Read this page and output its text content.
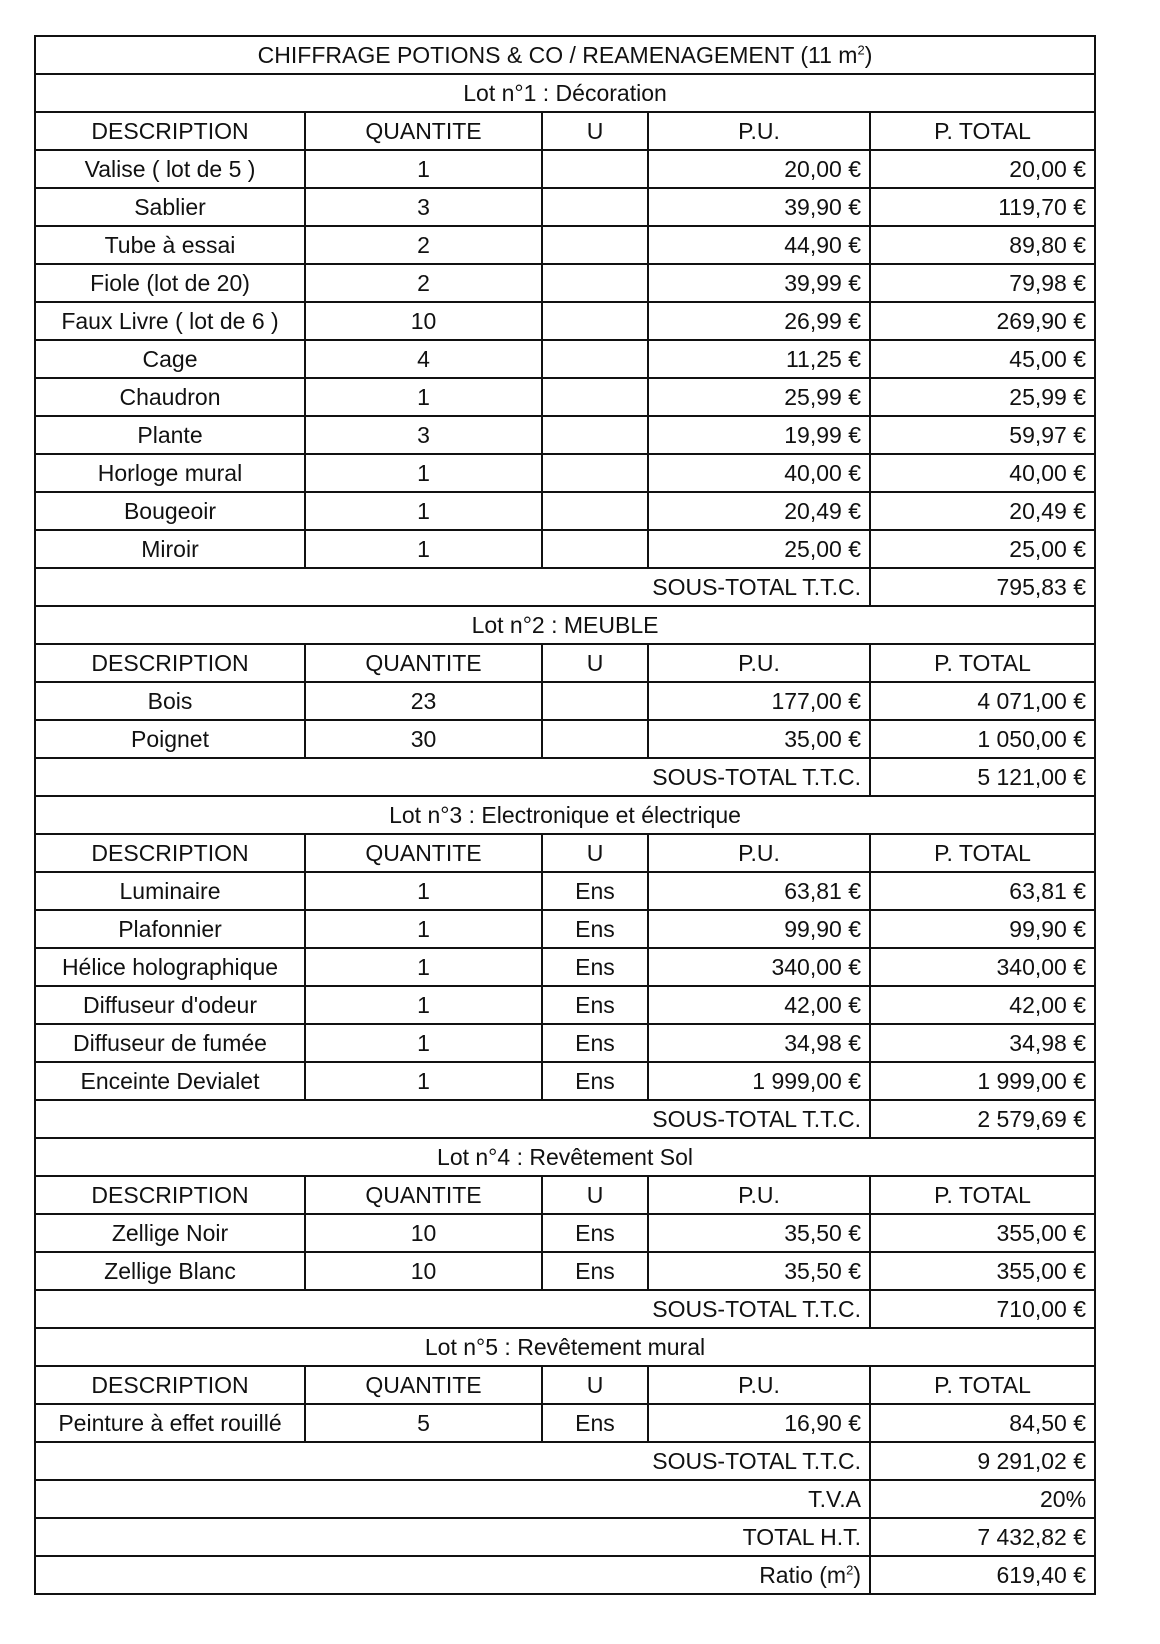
CHIFFRAGE POTIONS & CO / REAMENAGEMENT (11 $m^2$)				
Lot n°1 : Décoration				
DESCRIPTION	QUANTITE	U	P.U.	P. TOTAL
Valise ( lot de 5 )	1		20,00 €	20,00 €
Sablier	3		39,90 €	119,70 €
Tube à essai	2		44,90 €	89,80 €
Fiole (lot de 20)	2		39,99 €	79,98 €
Faux Livre ( lot de 6 )	10		26,99 €	269,90 €
Cage	4		11,25 €	45,00 €
Chaudron	1		25,99 €	25,99 €
Plante	3		19,99 €	59,97 €
Horloge mural	1		40,00 €	40,00 €
Bougeoir	1		20,49 €	20,49 €
Miroir	1		25,00 €	25,00 €
SOUS-TOTAL T.T.C.				795,83 €
Lot n°2 : MEUBLE				
DESCRIPTION	QUANTITE	U	P.U.	P. TOTAL
Bois	23		177,00 €	4 071,00 €
Poignet	30		35,00 €	1 050,00 €
SOUS-TOTAL T.T.C.				5 121,00 €
Lot n°3 : Electronique et électrique				
DESCRIPTION	QUANTITE	U	P.U.	P. TOTAL
Luminaire	1	Ens	63,81 €	63,81 €
Plafonnier	1	Ens	99,90 €	99,90 €
Hélice holographique	1	Ens	340,00 €	340,00 €
Diffuseur d'odeur	1	Ens	42,00 €	42,00 €
Diffuseur de fumée	1	Ens	34,98 €	34,98 €
Enceinte Devialet	1	Ens	1 999,00 €	1 999,00 €
SOUS-TOTAL T.T.C.				2 579,69 €
Lot n°4 : Revêtement Sol				
DESCRIPTION	QUANTITE	U	P.U.	P. TOTAL
Zellige Noir	10	Ens	35,50 €	355,00 €
Zellige Blanc	10	Ens	35,50 €	355,00 €
SOUS-TOTAL T.T.C.				710,00 €
Lot n°5 : Revêtement mural				
DESCRIPTION	QUANTITE	U	P.U.	P. TOTAL
Peinture à effet rouillé	5	Ens	16,90 €	84,50 €
SOUS-TOTAL T.T.C.				9 291,02 €
T.V.A				20%
TOTAL H.T.				7 432,82 €
Ratio $(m^2)$				619,40 €
